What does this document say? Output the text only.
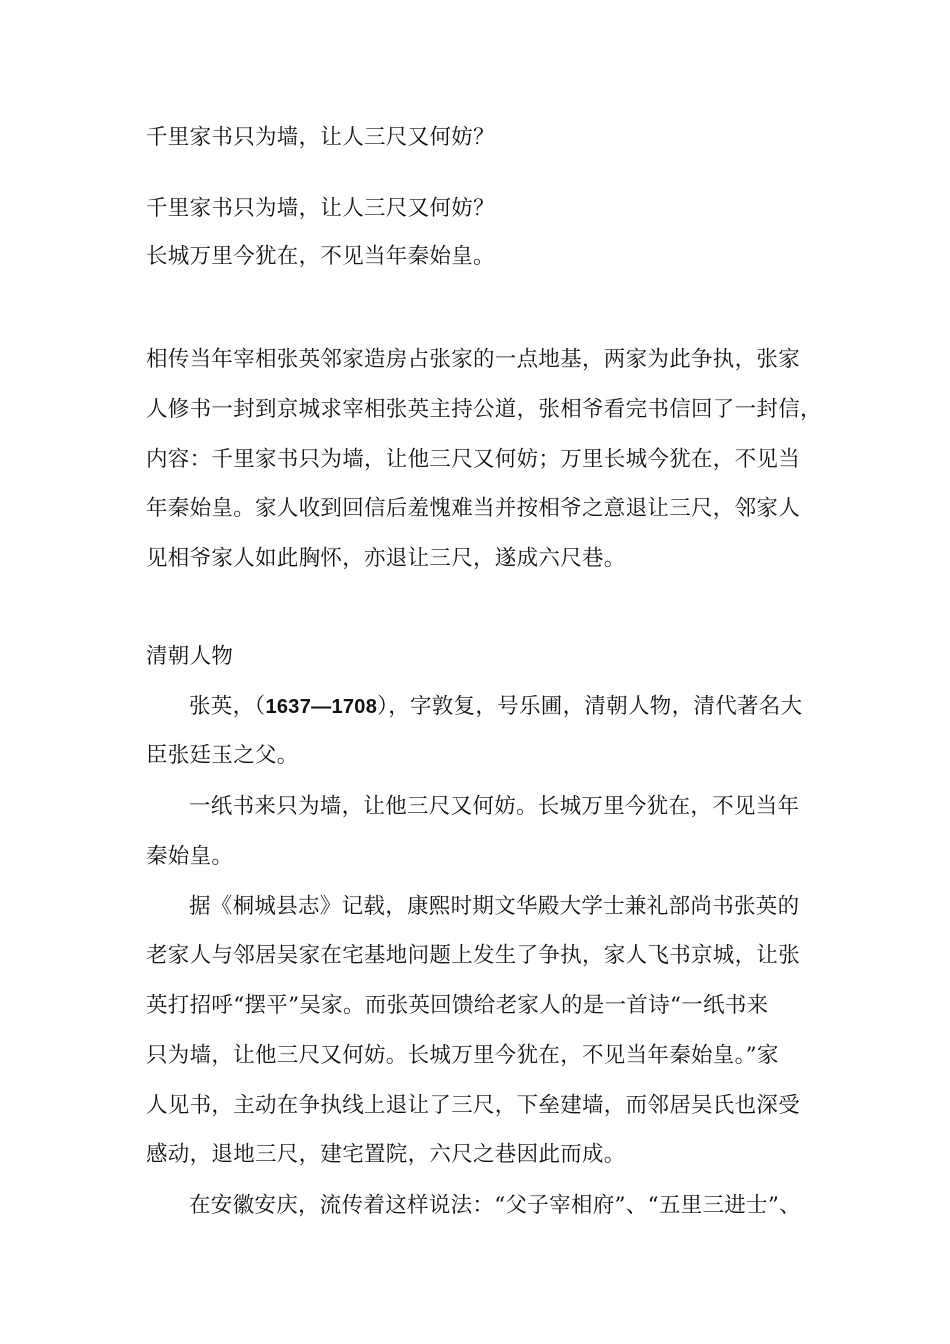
千里家书只为墙，让人三尺又何妨？
千里家书只为墙，让人三尺又何妨？
长城万里今犹在，不见当年秦始皇。
相传当年宰相张英邻家造房占张家的一点地基，两家为此争执，张家
人修书一封到京城求宰相张英主持公道，张相爷看完书信回了一封信，
内容：千里家书只为墙，让他三尺又何妨；万里长城今犹在，不见当
年秦始皇。家人收到回信后羞愧难当并按相爷之意退让三尺，邻家人
见相爷家人如此胸怀，亦退让三尺，遂成六尺巷。
清朝人物
张英，（1637—1708），字敦复，号乐圃，清朝人物，清代著名大
臣张廷玉之父。
一纸书来只为墙，让他三尺又何妨。长城万里今犹在，不见当年
秦始皇。
据《桐城县志》记载，康熙时期文华殿大学士兼礼部尚书张英的
老家人与邻居吴家在宅基地问题上发生了争执，家人飞书京城，让张
英打招呼“摆平”吴家。而张英回馈给老家人的是一首诗“一纸书来
只为墙，让他三尺又何妨。长城万里今犹在，不见当年秦始皇。”家
人见书，主动在争执线上退让了三尺，下垒建墙，而邻居吴氏也深受
感动，退地三尺，建宅置院，六尺之巷因此而成。
在安徽安庆，流传着这样说法：“父子宰相府”、“五里三进士”、
